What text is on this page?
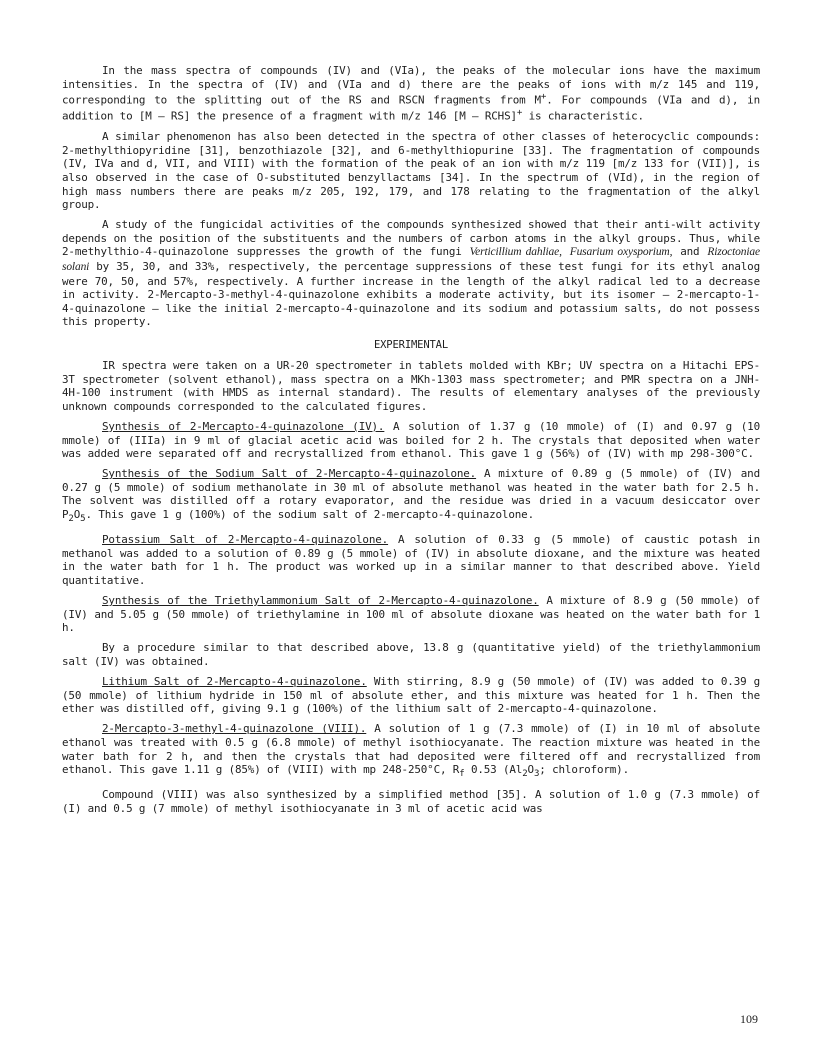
In the mass spectra of compounds (IV) and (VIa), the peaks of the molecular ions have the maximum intensities. In the spectra of (IV) and (VIa and d) there are the peaks of ions with m/z 145 and 119, corresponding to the splitting out of the RS and RSCN fragments from M+. For compounds (VIa and d), in addition to [M – RS] the presence of a fragment with m/z 146 [M – RCHS]+ is characteristic.

A similar phenomenon has also been detected in the spectra of other classes of heterocyclic compounds: 2-methylthiopyridine [31], benzothiazole [32], and 6-methylthiopurine [33]. The fragmentation of compounds (IV, IVa and d, VII, and VIII) with the formation of the peak of an ion with m/z 119 [m/z 133 for (VII)], is also observed in the case of O-substituted benzyllactams [34]. In the spectrum of (VId), in the region of high mass numbers there are peaks m/z 205, 192, 179, and 178 relating to the fragmentation of the alkyl group.

A study of the fungicidal activities of the compounds synthesized showed that their anti-wilt activity depends on the position of the substituents and the numbers of carbon atoms in the alkyl groups. Thus, while 2-methylthio-4-quinazolone suppresses the growth of the fungi Verticillium dahliae, Fusarium oxysporium, and Rizoctoniae solani by 35, 30, and 33%, respectively, the percentage suppressions of these test fungi for its ethyl analog were 70, 50, and 57%, respectively. A further increase in the length of the alkyl radical led to a decrease in activity. 2-Mercapto-3-methyl-4-quinazolone exhibits a moderate activity, but its isomer — 2-mercapto-1-4-quinazolone — like the initial 2-mercapto-4-quinazolone and its sodium and potassium salts, do not possess this property.

EXPERIMENTAL

IR spectra were taken on a UR-20 spectrometer in tablets molded with KBr; UV spectra on a Hitachi EPS-3T spectrometer (solvent ethanol), mass spectra on a MKh-1303 mass spectrometer; and PMR spectra on a JNH-4H-100 instrument (with HMDS as internal standard). The results of elementary analyses of the previously unknown compounds corresponded to the calculated figures.

Synthesis of 2-Mercapto-4-quinazolone (IV). A solution of 1.37 g (10 mmole) of (I) and 0.97 g (10 mmole) of (IIIa) in 9 ml of glacial acetic acid was boiled for 2 h. The crystals that deposited when water was added were separated off and recrystallized from ethanol. This gave 1 g (56%) of (IV) with mp 298-300°C.

Synthesis of the Sodium Salt of 2-Mercapto-4-quinazolone. A mixture of 0.89 g (5 mmole) of (IV) and 0.27 g (5 mmole) of sodium methanolate in 30 ml of absolute methanol was heated in the water bath for 2.5 h. The solvent was distilled off a rotary evaporator, and the residue was dried in a vacuum desiccator over $P_2O_5$. This gave 1 g (100%) of the sodium salt of 2-mercapto-4-quinazolone.

Potassium Salt of 2-Mercapto-4-quinazolone. A solution of 0.33 g (5 mmole) of caustic potash in methanol was added to a solution of 0.89 g (5 mmole) of (IV) in absolute dioxane, and the mixture was heated in the water bath for 1 h. The product was worked up in a similar manner to that described above. Yield quantitative.

Synthesis of the Triethylammonium Salt of 2-Mercapto-4-quinazolone. A mixture of 8.9 g (50 mmole) of (IV) and 5.05 g (50 mmole) of triethylamine in 100 ml of absolute dioxane was heated on the water bath for 1 h.

By a procedure similar to that described above, 13.8 g (quantitative yield) of the triethylammonium salt (IV) was obtained.

Lithium Salt of 2-Mercapto-4-quinazolone. With stirring, 8.9 g (50 mmole) of (IV) was added to 0.39 g (50 mmole) of lithium hydride in 150 ml of absolute ether, and this mixture was heated for 1 h. Then the ether was distilled off, giving 9.1 g (100%) of the lithium salt of 2-mercapto-4-quinazolone.

2-Mercapto-3-methyl-4-quinazolone (VIII). A solution of 1 g (7.3 mmole) of (I) in 10 ml of absolute ethanol was treated with 0.5 g (6.8 mmole) of methyl isothiocyanate. The reaction mixture was heated in the water bath for 2 h, and then the crystals that had deposited were filtered off and recrystallized from ethanol. This gave 1.11 g (85%) of (VIII) with mp 248-250°C, $R_f$ 0.53 ($Al_2O_3$; chloroform).

Compound (VIII) was also synthesized by a simplified method [35]. A solution of 1.0 g (7.3 mmole) of (I) and 0.5 g (7 mmole) of methyl isothiocyanate in 3 ml of acetic acid was

109
